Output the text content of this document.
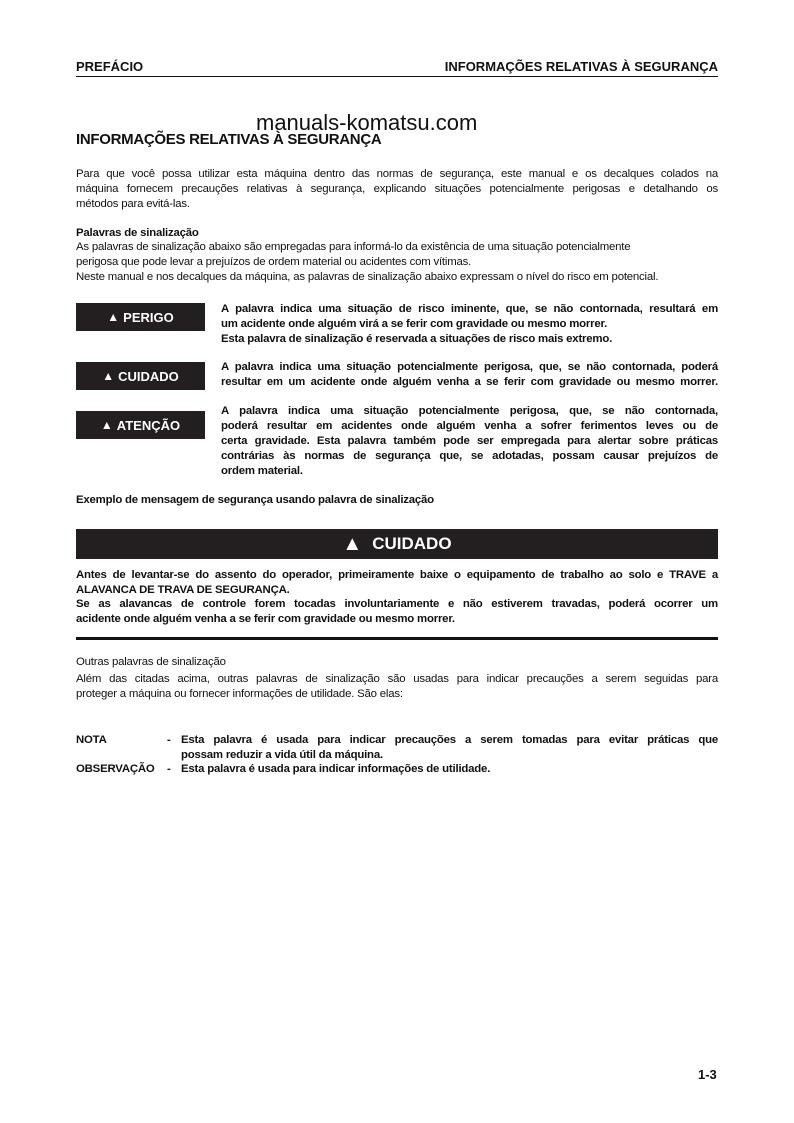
PREFÁCIO	INFORMAÇÕES RELATIVAS À SEGURANÇA
manuals-komatsu.com
INFORMAÇÕES RELATIVAS À SEGURANÇA
Para que você possa utilizar esta máquina dentro das normas de segurança, este manual e os decalques colados na
máquina fornecem precauções relativas à segurança, explicando situações potencialmente perigosas e detalhando os
métodos para evitá-las.
Palavras de sinalização
As palavras de sinalização abaixo são empregadas para informá-lo da existência de uma situação potencialmente
perigosa que pode levar a prejuízos de ordem material ou acidentes com vítimas.
Neste manual e nos decalques da máquina, as palavras de sinalização abaixo expressam o nível do risco em potencial.
▲ PERIGO
A palavra indica uma situação de risco iminente, que, se não contornada, resultará em
um acidente onde alguém virá a se ferir com gravidade ou mesmo morrer.
Esta palavra de sinalização é reservada a situações de risco mais extremo.
▲ CUIDADO
A palavra indica uma situação potencialmente perigosa, que, se não contornada, poderá
resultar em um acidente onde alguém venha a se ferir com gravidade ou mesmo morrer.
▲ ATENÇÃO
A palavra indica uma situação potencialmente perigosa, que, se não contornada,
poderá resultar em acidentes onde alguém venha a sofrer ferimentos leves ou de
certa gravidade. Esta palavra também pode ser empregada para alertar sobre práticas
contrárias às normas de segurança que, se adotadas, possam causar prejuízos de
ordem material.
Exemplo de mensagem de segurança usando palavra de sinalização
▲ CUIDADO
Antes de levantar-se do assento do operador, primeiramente baixe o equipamento de trabalho ao solo e TRAVE a
ALAVANCA DE TRAVA DE SEGURANÇA.
Se as alavancas de controle forem tocadas involuntariamente e não estiverem travadas, poderá ocorrer um
acidente onde alguém venha a se ferir com gravidade ou mesmo morrer.
Outras palavras de sinalização
Além das citadas acima, outras palavras de sinalização são usadas para indicar precauções a serem seguidas para
proteger a máquina ou fornecer informações de utilidade. São elas:
NOTA	- Esta palavra é usada para indicar precauções a serem tomadas para evitar práticas que
possam reduzir a vida útil da máquina.
OBSERVAÇÃO - Esta palavra é usada para indicar informações de utilidade.
1-3
